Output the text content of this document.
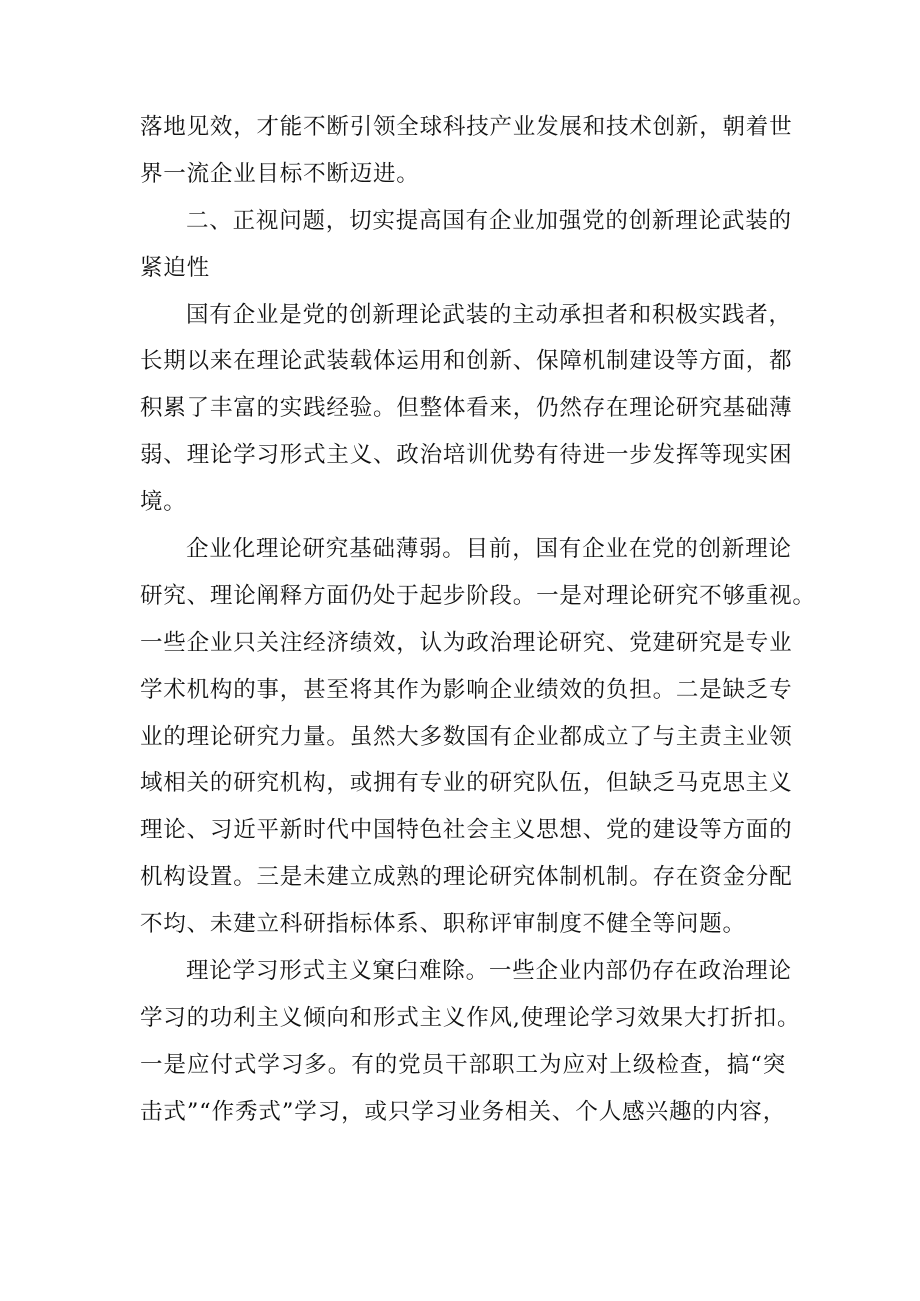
落地见效，才能不断引领全球科技产业发展和技术创新，朝着世
界一流企业目标不断迈进。
二、正视问题，切实提高国有企业加强党的创新理论武装的
紧迫性
国有企业是党的创新理论武装的主动承担者和积极实践者，
长期以来在理论武装载体运用和创新、保障机制建设等方面，都
积累了丰富的实践经验。但整体看来，仍然存在理论研究基础薄
弱、理论学习形式主义、政治培训优势有待进一步发挥等现实困
境。
企业化理论研究基础薄弱。目前，国有企业在党的创新理论
研究、理论阐释方面仍处于起步阶段。一是对理论研究不够重视。
一些企业只关注经济绩效，认为政治理论研究、党建研究是专业
学术机构的事，甚至将其作为影响企业绩效的负担。二是缺乏专
业的理论研究力量。虽然大多数国有企业都成立了与主责主业领
域相关的研究机构，或拥有专业的研究队伍，但缺乏马克思主义
理论、习近平新时代中国特色社会主义思想、党的建设等方面的
机构设置。三是未建立成熟的理论研究体制机制。存在资金分配
不均、未建立科研指标体系、职称评审制度不健全等问题。
理论学习形式主义窠臼难除。一些企业内部仍存在政治理论
学习的功利主义倾向和形式主义作风,使理论学习效果大打折扣。
一是应付式学习多。有的党员干部职工为应对上级检查，搞“突
击式”“作秀式”学习，或只学习业务相关、个人感兴趣的内容，
